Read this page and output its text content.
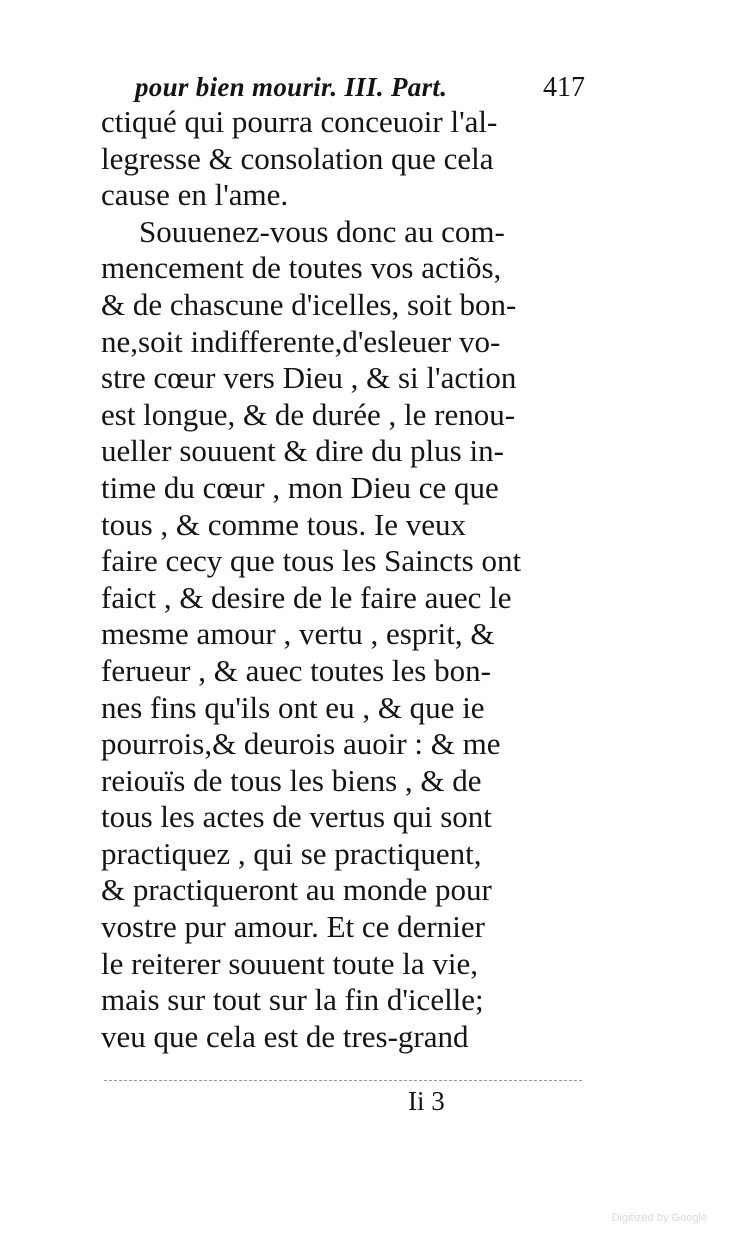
pour bien mourir. III. Part.	417
ctiqué qui pourra conceuoir l'al-
legresse & consolation que cela
cause en l'ame.
Souuenez-vous donc au com-
mencement de toutes vos actiõs,
& de chascune d'icelles, soit bon-
ne,soit indifferente,d'esleuer vo-
stre cœur vers Dieu , & si l'action
est longue, & de durée , le renou-
ueller souuent & dire du plus in-
time du cœur , mon Dieu ce que
tous , & comme tous. Ie veux
faire cecy que tous les Saincts ont
faict , & desire de le faire auec le
mesme amour , vertu , esprit, &
ferueur , & auec toutes les bon-
nes fins qu'ils ont eu , & que ie
pourrois,& deurois auoir : & me
reiouïs de tous les biens , & de
tous les actes de vertus qui sont
practiquez , qui se practiquent,
& practiqueront au monde pour
vostre pur amour. Et ce dernier
le reiterer souuent toute la vie,
mais sur tout sur la fin d'icelle;
veu que cela est de tres-grand
Ii 3
Digitized by Google
